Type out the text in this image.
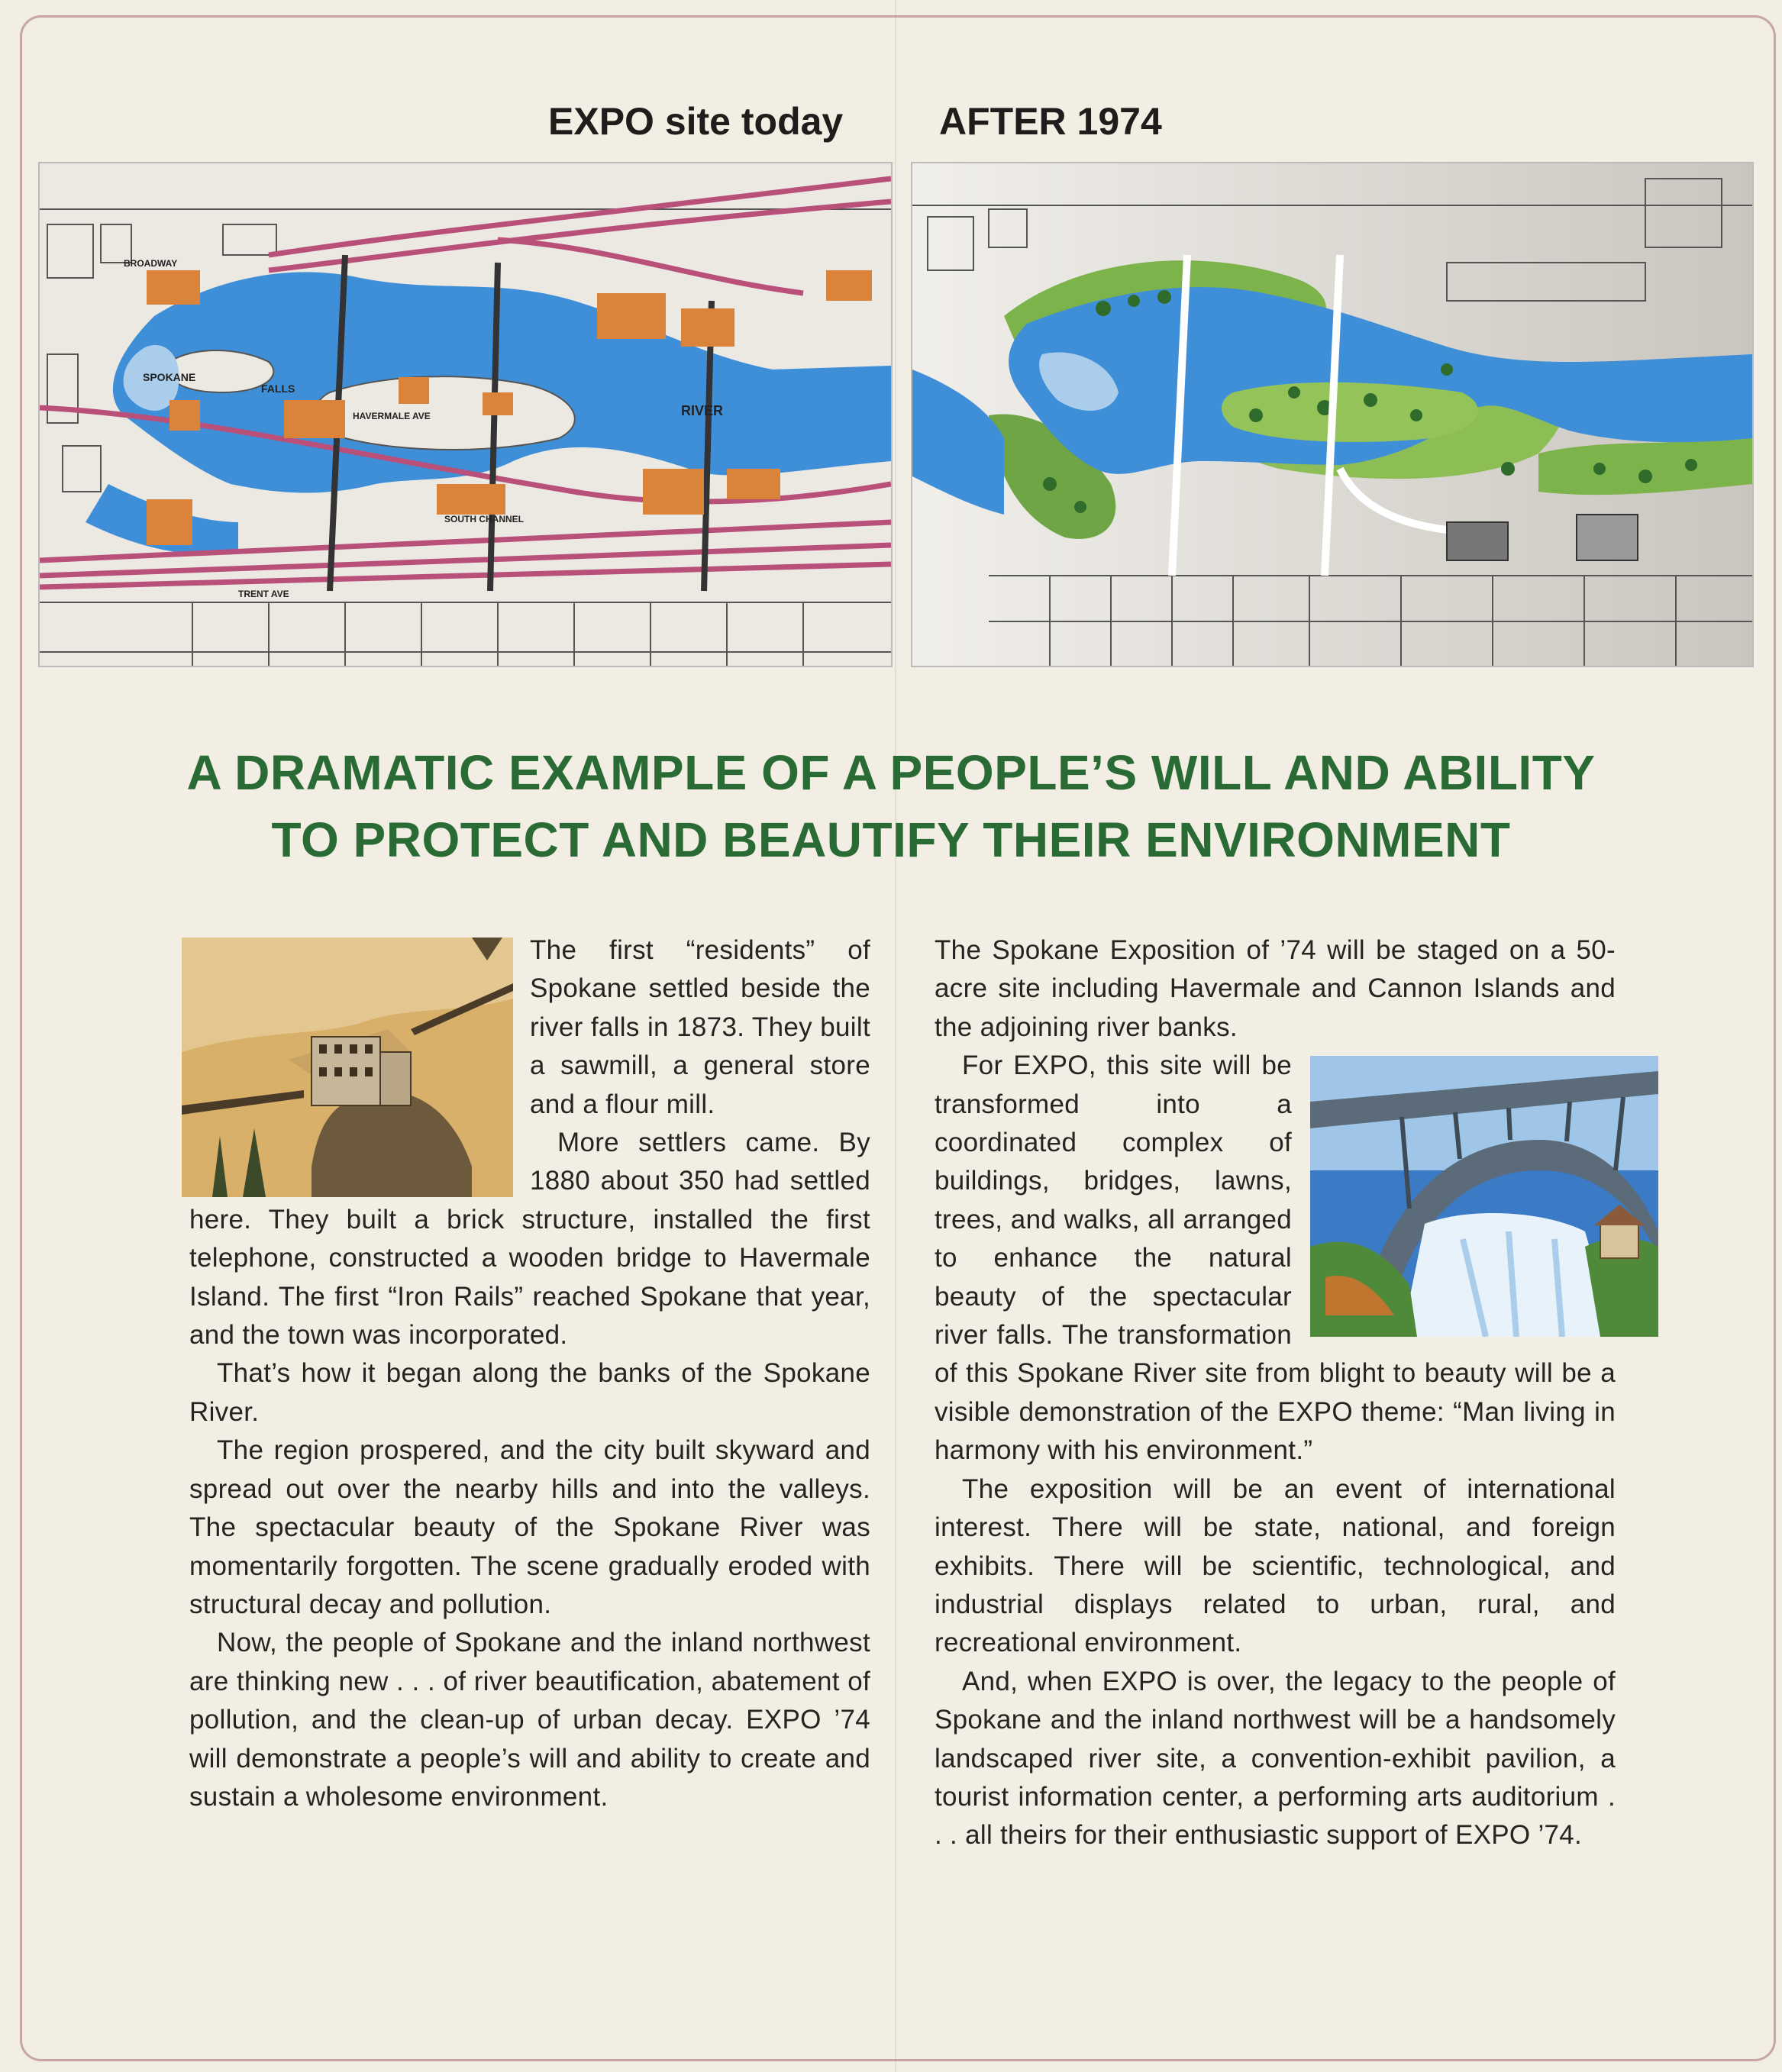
EXPO site today	AFTER 1974
RIVER
FALLS
SOUTH CHANNEL
HAVERMALE AVE
TRENT AVE
BROADWAY
SPOKANE
A DRAMATIC EXAMPLE OF A PEOPLE’S WILL AND ABILITY
TO PROTECT AND BEAUTIFY THEIR ENVIRONMENT

The first “residents” of Spokane settled beside the river falls in 1873. They built a sawmill, a general store and a flour mill.

More settlers came. By 1880 about 350 had settled here. They built a brick structure, installed the first telephone, constructed a wooden bridge to Havermale Island. The first “Iron Rails” reached Spokane that year, and the town was incorporated.

That’s how it began along the banks of the Spokane River.

The region prospered, and the city built skyward and spread out over the nearby hills and into the valleys. The spectacular beauty of the Spokane River was momentarily forgotten. The scene gradually eroded with structural decay and pollution.

Now, the people of Spokane and the inland northwest are thinking new . . . of river beautification, abatement of pollution, and the clean-up of urban decay. EXPO ’74 will demonstrate a people’s will and ability to create and sustain a wholesome environment.

The Spokane Exposition of ’74 will be staged on a 50-acre site including Havermale and Cannon Islands and the adjoining river banks.

For EXPO, this site will be transformed into a coordinated complex of buildings, bridges, lawns, trees, and walks, all arranged to enhance the natural beauty of the spectacular river falls. The transformation of this Spokane River site from blight to beauty will be a visible demonstration of the EXPO theme: “Man living in harmony with his environment.”

The exposition will be an event of international interest. There will be state, national, and foreign exhibits. There will be scientific, technological, and industrial displays related to urban, rural, and recreational environment.

And, when EXPO is over, the legacy to the people of Spokane and the inland northwest will be a handsomely landscaped river site, a convention-exhibit pavilion, a tourist information center, a performing arts auditorium . . . all theirs for their enthusiastic support of EXPO ’74.
